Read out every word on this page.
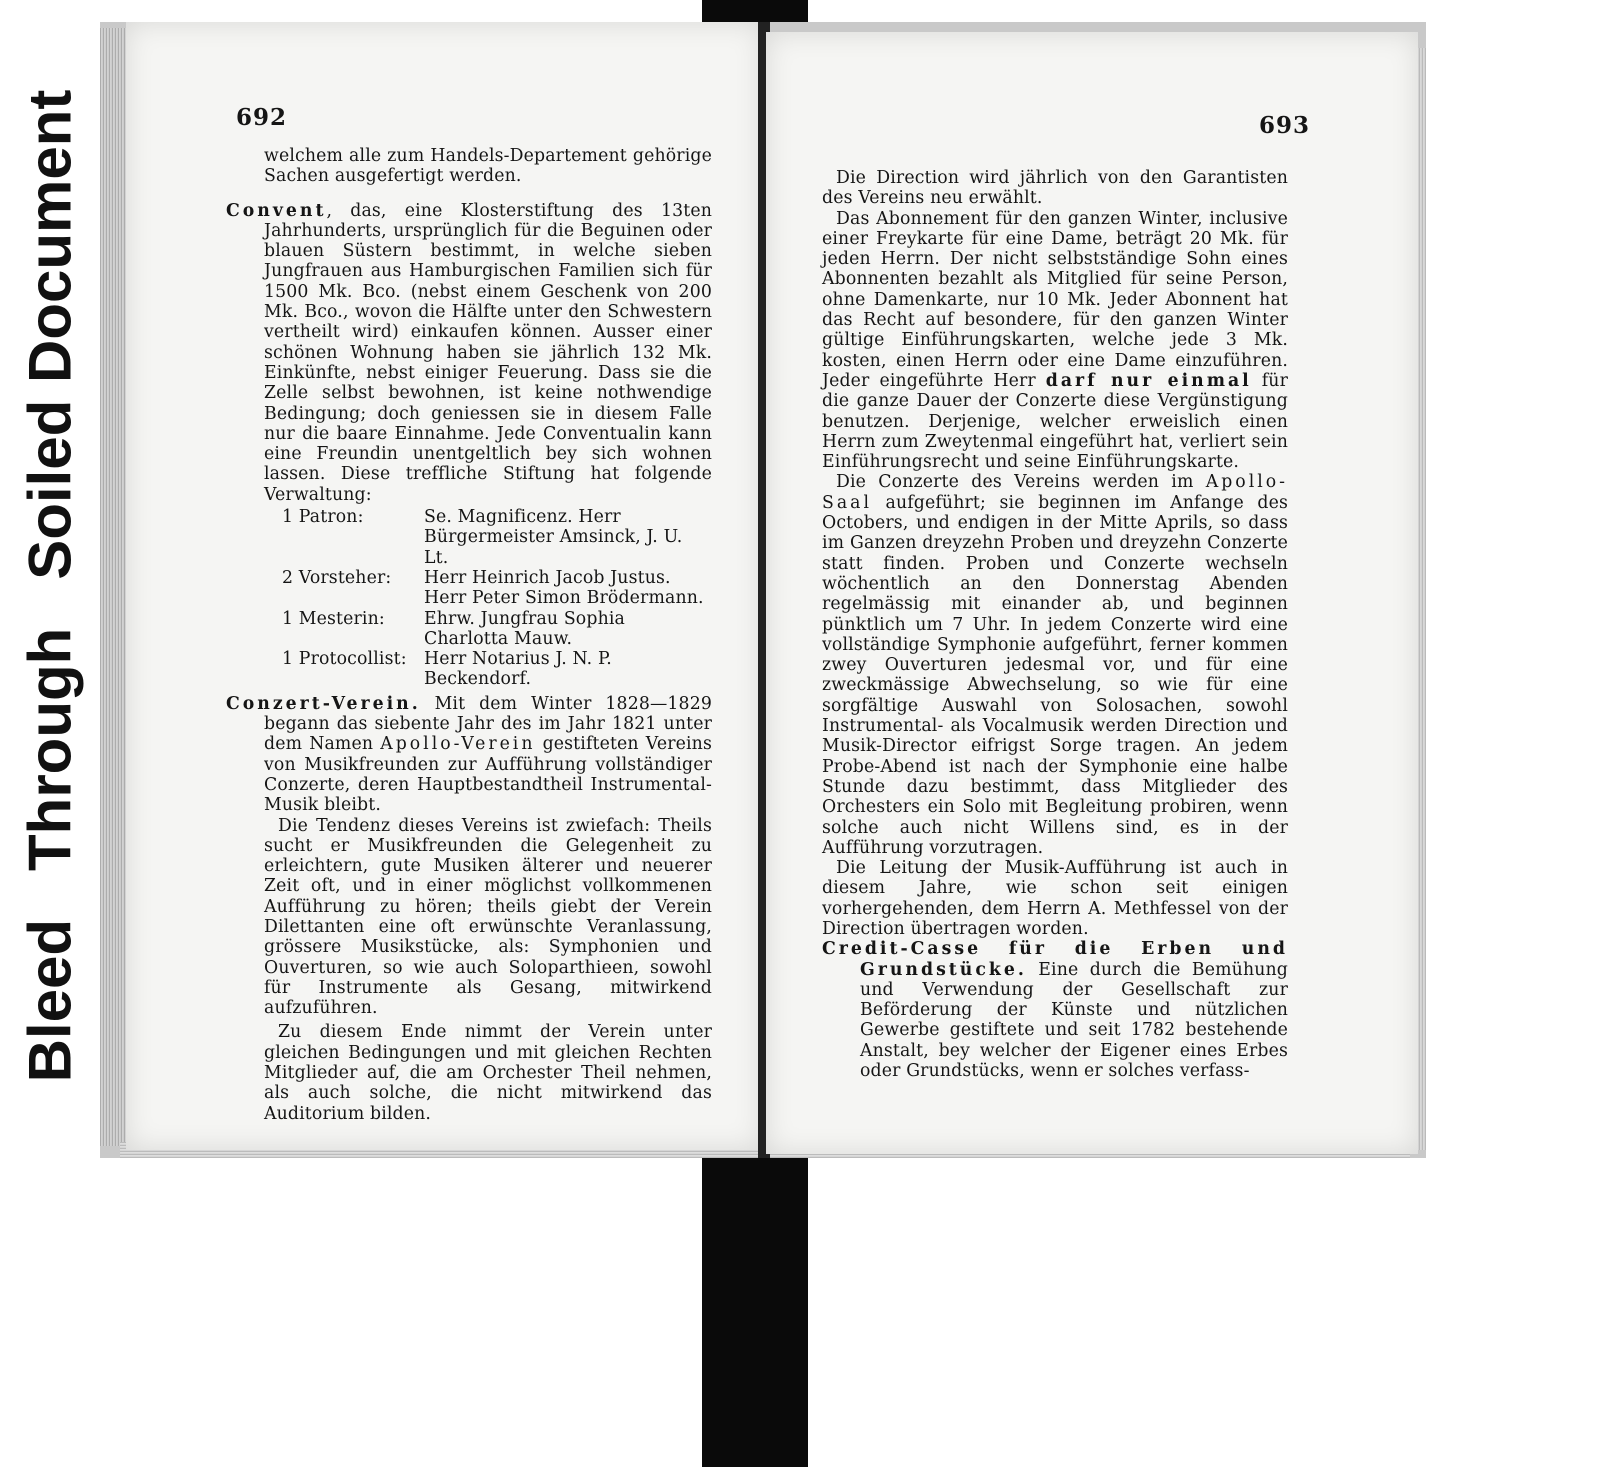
BleedThroughSoiled Document	692

welchem alle zum Handels-Departement gehörige Sachen ausgefertigt werden.

Convent, das, eine Klosterstiftung des 13ten Jahrhunderts, ursprünglich für die Beguinen oder blauen Süstern bestimmt, in welche sieben Jungfrauen aus Hamburgischen Familien sich für 1500 Mk. Bco. (nebst einem Geschenk von 200 Mk. Bco., wovon die Hälfte unter den Schwestern vertheilt wird) einkaufen können. Ausser einer schönen Wohnung haben sie jährlich 132 Mk. Einkünfte, nebst einiger Feuerung. Dass sie die Zelle selbst bewohnen, ist keine nothwendige Bedingung; doch geniessen sie in diesem Falle nur die baare Einnahme. Jede Conventualin kann eine Freundin unentgeltlich bey sich wohnen lassen. Diese treffliche Stiftung hat folgende Verwaltung:

1 Patron:	Se. Magnificenz. Herr Bürgermeister Amsinck, J. U. Lt.
2 Vorsteher:	Herr Heinrich Jacob Justus.
Herr Peter Simon Brödermann.
1 Mesterin:	Ehrw. Jungfrau Sophia Charlotta Mauw.
1 Protocollist:	Herr Notarius J. N. P. Beckendorf.

Conzert-Verein. Mit dem Winter 1828—1829 begann das siebente Jahr des im Jahr 1821 unter dem Namen Apollo-Verein gestifteten Vereins von Musikfreunden zur Aufführung vollständiger Conzerte, deren Hauptbestandtheil Instrumental-Musik bleibt.

Die Tendenz dieses Vereins ist zwiefach: Theils sucht er Musikfreunden die Gelegenheit zu erleichtern, gute Musiken älterer und neuerer Zeit oft, und in einer möglichst vollkommenen Aufführung zu hören; theils giebt der Verein Dilettanten eine oft erwünschte Veranlassung, grössere Musikstücke, als: Symphonien und Ouverturen, so wie auch Soloparthieen, sowohl für Instrumente als Gesang, mitwirkend aufzuführen.

Zu diesem Ende nimmt der Verein unter gleichen Bedingungen und mit gleichen Rechten Mitglieder auf, die am Orchester Theil nehmen, als auch solche, die nicht mitwirkend das Auditorium bilden.

693

Die Direction wird jährlich von den Garantisten des Vereins neu erwählt.

Das Abonnement für den ganzen Winter, inclusive einer Freykarte für eine Dame, beträgt 20 Mk. für jeden Herrn. Der nicht selbstständige Sohn eines Abonnenten bezahlt als Mitglied für seine Person, ohne Damenkarte, nur 10 Mk. Jeder Abonnent hat das Recht auf besondere, für den ganzen Winter gültige Einführungskarten, welche jede 3 Mk. kosten, einen Herrn oder eine Dame einzuführen. Jeder eingeführte Herr darf nur einmal für die ganze Dauer der Conzerte diese Vergünstigung benutzen. Derjenige, welcher erweislich einen Herrn zum Zweytenmal eingeführt hat, verliert sein Einführungsrecht und seine Einführungskarte.

Die Conzerte des Vereins werden im Apollo-Saal aufgeführt; sie beginnen im Anfange des Octobers, und endigen in der Mitte Aprils, so dass im Ganzen dreyzehn Proben und dreyzehn Conzerte statt finden. Proben und Conzerte wechseln wöchentlich an den Donnerstag Abenden regelmässig mit einander ab, und beginnen pünktlich um 7 Uhr. In jedem Conzerte wird eine vollständige Symphonie aufgeführt, ferner kommen zwey Ouverturen jedesmal vor, und für eine zweckmässige Abwechselung, so wie für eine sorgfältige Auswahl von Solosachen, sowohl Instrumental- als Vocalmusik werden Direction und Musik-Director eifrigst Sorge tragen. An jedem Probe-Abend ist nach der Symphonie eine halbe Stunde dazu bestimmt, dass Mitglieder des Orchesters ein Solo mit Begleitung probiren, wenn solche auch nicht Willens sind, es in der Aufführung vorzutragen.

Die Leitung der Musik-Aufführung ist auch in diesem Jahre, wie schon seit einigen vorhergehenden, dem Herrn A. Methfessel von der Direction übertragen worden.

Credit-Casse für die Erben und Grundstücke. Eine durch die Bemühung und Verwendung der Gesellschaft zur Beförderung der Künste und nützlichen Gewerbe gestiftete und seit 1782 bestehende Anstalt, bey welcher der Eigener eines Erbes oder Grundstücks, wenn er solches verfass-
